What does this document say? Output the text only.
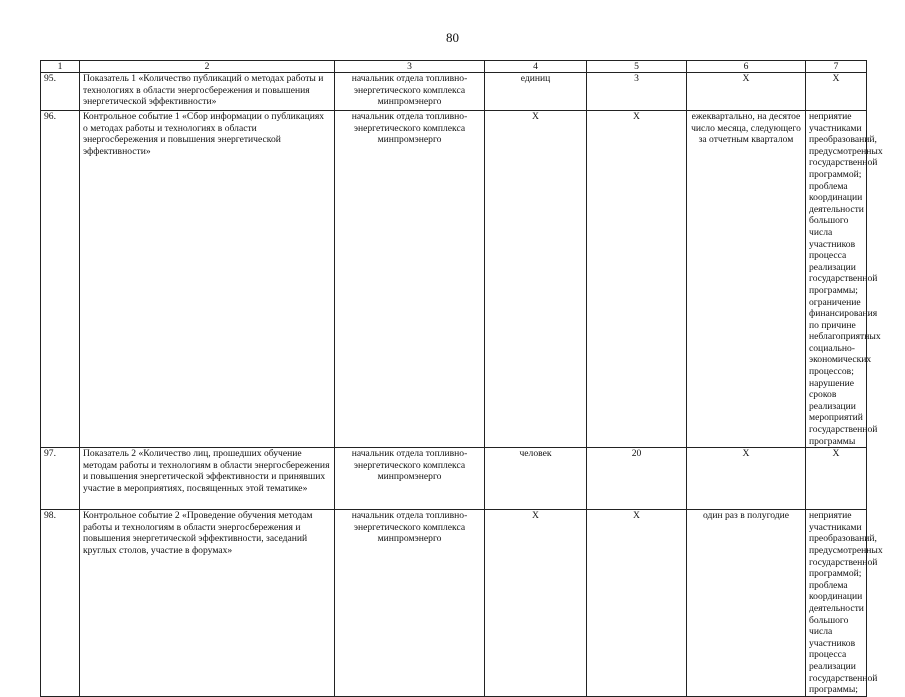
80
1	2	3	4	5	6	7
95.	Показатель 1 «Количество публикаций о методах работы и технологиях в области энергосбережения и повышения энергетической эффективности»	начальник отдела топливно-энергетического комплекса минпромэнерго	единиц	3	X	X
96.	Контрольное событие 1 «Сбор информации о публикациях о методах работы и технологиях в области энергосбережения и повышения энергетической эффективности»	начальник отдела топливно-энергетического комплекса минпромэнерго	X	X	ежеквартально, на десятое число месяца, следующего за отчетным кварталом	неприятие участниками преобразований, предусмотренных государственной программой; проблема координации деятельности большого числа участников процесса реализации государственной программы; ограничение финансирования по причине неблагоприятных социально-экономических процессов; нарушение сроков реализации мероприятий государственной программы
97.	Показатель 2 «Количество лиц, прошедших обучение методам работы и технологиям в области энергосбережения и повышения энергетической эффективности и принявших участие в мероприятиях, посвященных этой тематике»	начальник отдела топливно-энергетического комплекса минпромэнерго	человек	20	X	X
98.	Контрольное событие 2 «Проведение обучения методам работы и технологиям в области энергосбережения и повышения энергетической эффективности, заседаний круглых столов, участие в форумах»	начальник отдела топливно-энергетического комплекса минпромэнерго	X	X	один раз в полугодие	неприятие участниками преобразований, предусмотренных государственной программой; проблема координации деятельности большого числа участников процесса реализации государственной программы;
